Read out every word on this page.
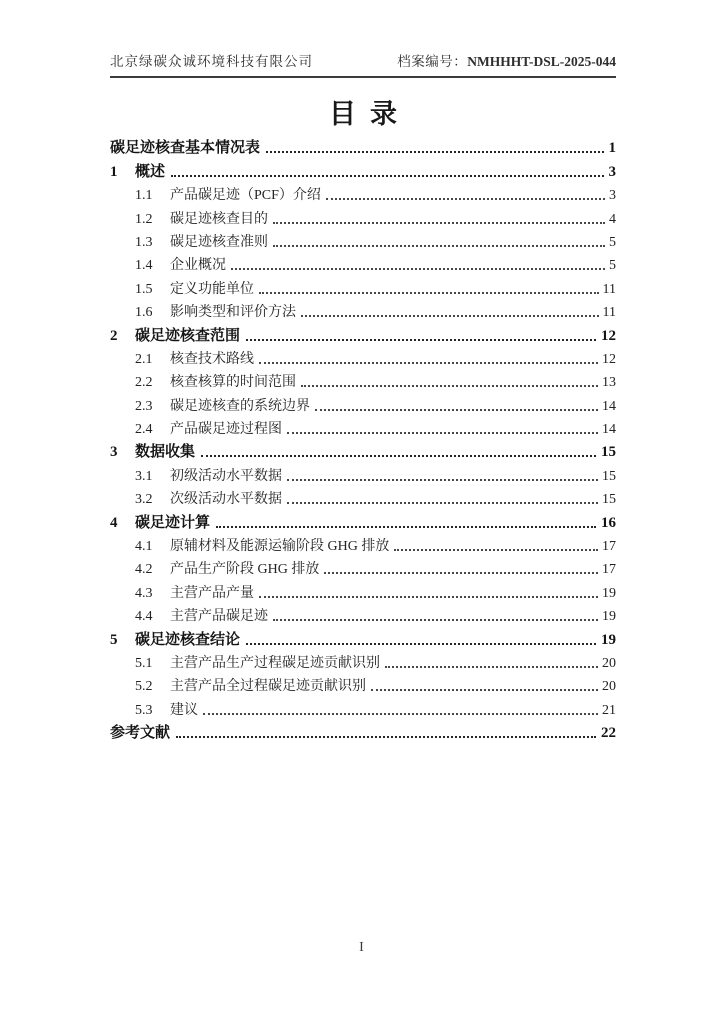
北京绿碳众诚环境科技有限公司	档案编号：NMHHHT-DSL-2025-044
目录
碳足迹核查基本情况表	1
1	概述	3
1.1	产品碳足迹（PCF）介绍	3
1.2	碳足迹核查目的	4
1.3	碳足迹核查准则	5
1.4	企业概况	5
1.5	定义功能单位	11
1.6	影响类型和评价方法	11
2	碳足迹核查范围	12
2.1	核查技术路线	12
2.2	核查核算的时间范围	13
2.3	碳足迹核查的系统边界	14
2.4	产品碳足迹过程图	14
3	数据收集	15
3.1	初级活动水平数据	15
3.2	次级活动水平数据	15
4	碳足迹计算	16
4.1	原辅材料及能源运输阶段 GHG 排放	17
4.2	产品生产阶段 GHG 排放	17
4.3	主营产品产量	19
4.4	主营产品碳足迹	19
5	碳足迹核查结论	19
5.1	主营产品生产过程碳足迹贡献识别	20
5.2	主营产品全过程碳足迹贡献识别	20
5.3	建议	21
参考文献	22
I
